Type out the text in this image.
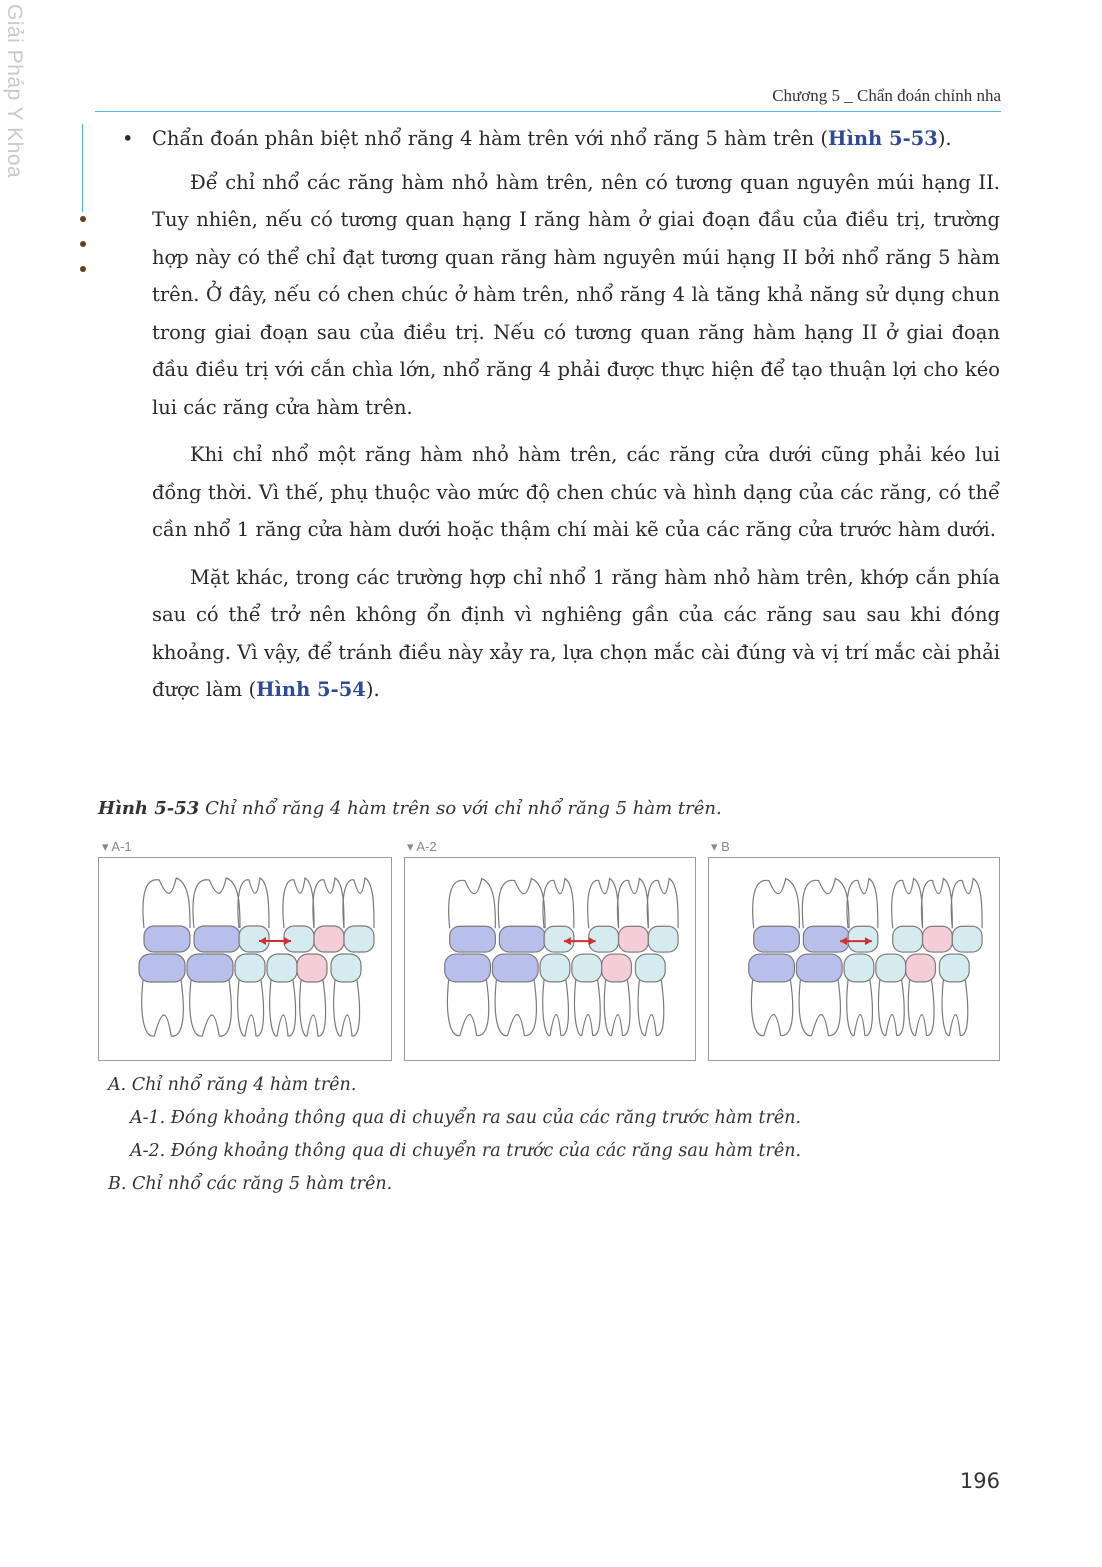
Giải Pháp Y Khoa	Chương 5 _ Chẩn đoán chỉnh nha

• Chẩn đoán phân biệt nhổ răng 4 hàm trên với nhổ răng 5 hàm trên (Hình 5-53).

Để chỉ nhổ các răng hàm nhỏ hàm trên, nên có tương quan nguyên múi hạng II. Tuy nhiên, nếu có tương quan hạng I răng hàm ở giai đoạn đầu của điều trị, trường hợp này có thể chỉ đạt tương quan răng hàm nguyên múi hạng II bởi nhổ răng 5 hàm trên. Ở đây, nếu có chen chúc ở hàm trên, nhổ răng 4 là tăng khả năng sử dụng chun trong giai đoạn sau của điều trị. Nếu có tương quan răng hàm hạng II ở giai đoạn đầu điều trị với cắn chìa lớn, nhổ răng 4 phải được thực hiện để tạo thuận lợi cho kéo lui các răng cửa hàm trên.

Khi chỉ nhổ một răng hàm nhỏ hàm trên, các răng cửa dưới cũng phải kéo lui đồng thời. Vì thế, phụ thuộc vào mức độ chen chúc và hình dạng của các răng, có thể cần nhổ 1 răng cửa hàm dưới hoặc thậm chí mài kẽ của các răng cửa trước hàm dưới.

Mặt khác, trong các trường hợp chỉ nhổ 1 răng hàm nhỏ hàm trên, khớp cắn phía sau có thể trở nên không ổn định vì nghiêng gần của các răng sau sau khi đóng khoảng. Vì vậy, để tránh điều này xảy ra, lựa chọn mắc cài đúng và vị trí mắc cài phải được làm (Hình 5-54).

Hình 5-53 Chỉ nhổ răng 4 hàm trên so với chỉ nhổ răng 5 hàm trên.
▾ A-1	▾ A-2	▾ B
A. Chỉ nhổ răng 4 hàm trên.
A-1. Đóng khoảng thông qua di chuyển ra sau của các răng trước hàm trên.
A-2. Đóng khoảng thông qua di chuyển ra trước của các răng sau hàm trên.
B. Chỉ nhổ các răng 5 hàm trên.
196
